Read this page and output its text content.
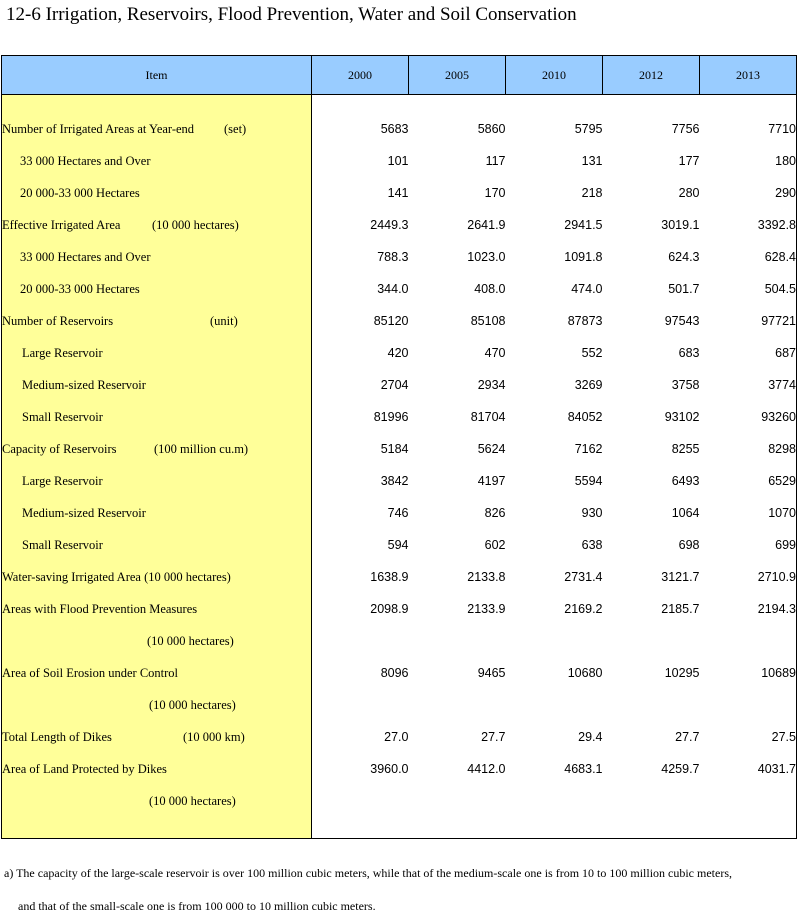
12-6 Irrigation, Reservoirs, Flood Prevention, Water and Soil Conservation
Item	2000	2005	2010	2012	2013

Number of Irrigated Areas at Year-end (set)	5683	5860	5795	7756	7710
33 000 Hectares and Over	101	117	131	177	180
20 000-33 000 Hectares	141	170	218	280	290
Effective Irrigated Area (10 000 hectares)	2449.3	2641.9	2941.5	3019.1	3392.8
33 000 Hectares and Over	788.3	1023.0	1091.8	624.3	628.4
20 000-33 000 Hectares	344.0	408.0	474.0	501.7	504.5
Number of Reservoirs (unit)	85120	85108	87873	97543	97721
Large Reservoir	420	470	552	683	687
Medium-sized Reservoir	2704	2934	3269	3758	3774
Small Reservoir	81996	81704	84052	93102	93260
Capacity of Reservoirs (100 million cu.m)	5184	5624	7162	8255	8298
Large Reservoir	3842	4197	5594	6493	6529
Medium-sized Reservoir	746	826	930	1064	1070
Small Reservoir	594	602	638	698	699
Water-saving Irrigated Area (10 000 hectares)	1638.9	2133.8	2731.4	3121.7	2710.9
Areas with Flood Prevention Measures	2098.9	2133.9	2169.2	2185.7	2194.3
(10 000 hectares)					
Area of Soil Erosion under Control	8096	9465	10680	10295	10689
(10 000 hectares)					
Total Length of Dikes (10 000 km)	27.0	27.7	29.4	27.7	27.5
Area of Land Protected by Dikes	3960.0	4412.0	4683.1	4259.7	4031.7
(10 000 hectares)					

a) The capacity of the large-scale reservoir is over 100 million cubic meters, while that of the medium-scale one is from 10 to 100 million cubic meters,
and that of the small-scale one is from 100 000 to 10 million cubic meters.
